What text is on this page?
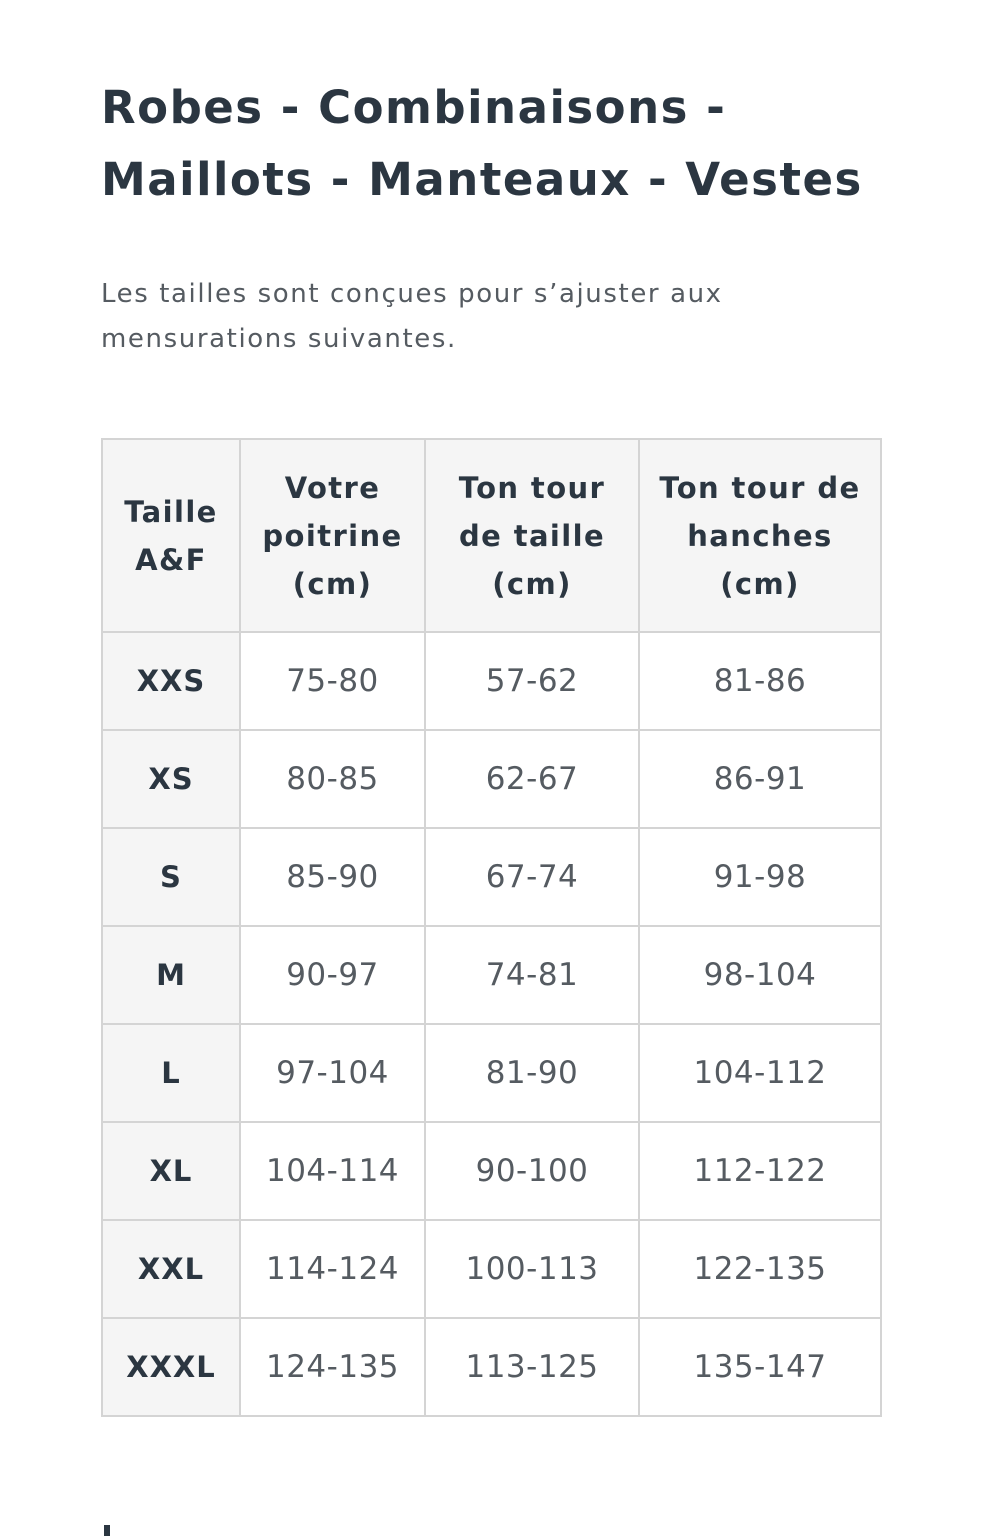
Robes - Combinaisons - Maillots - Manteaux - Vestes
Les tailles sont conçues pour s’ajuster aux mensurations suivantes.
Taille
A&F	Votre
poitrine
(cm)	Ton tour
de taille
(cm)	Ton tour de
hanches
(cm)
XXS	75-80	57-62	81-86
XS	80-85	62-67	86-91
S	85-90	67-74	91-98
M	90-97	74-81	98-104
L	97-104	81-90	104-112
XL	104-114	90-100	112-122
XXL	114-124	100-113	122-135
XXXL	124-135	113-125	135-147
